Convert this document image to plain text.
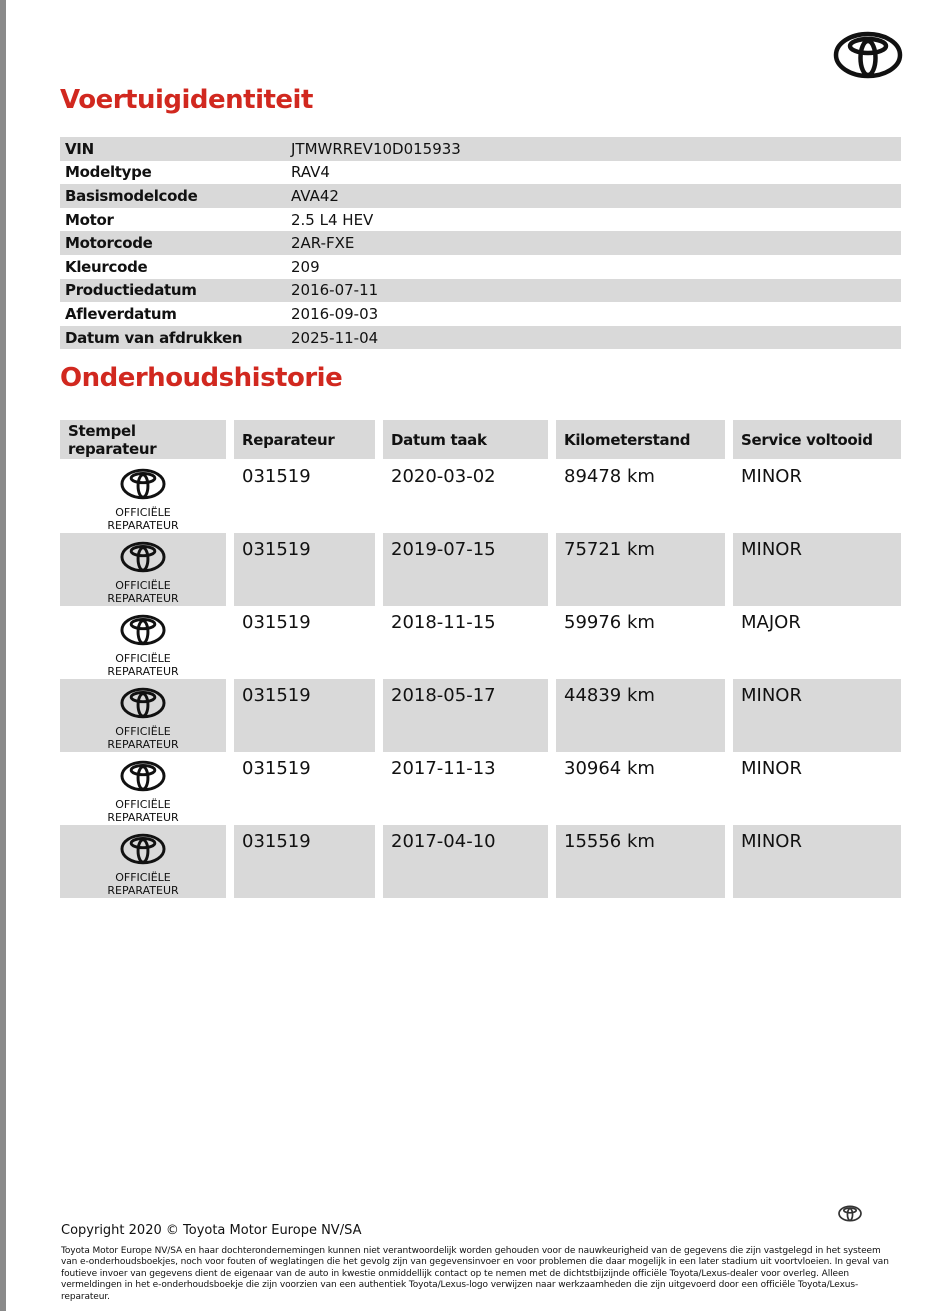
Voertuigidentiteit
VIN	JTMWRREV10D015933
Modeltype	RAV4
Basismodelcode	AVA42
Motor	2.5 L4 HEV
Motorcode	2AR-FXE
Kleurcode	209
Productiedatum	2016-07-11
Afleverdatum	2016-09-03
Datum van afdrukken	2025-11-04
Onderhoudshistorie
Stempel reparateur	Reparateur	Datum taak	Kilometerstand	Service voltooid
OFFICIËLE
REPARATEUR
031519	2020-03-02	89478 km	MINOR
OFFICIËLE
REPARATEUR
031519	2019-07-15	75721 km	MINOR
OFFICIËLE
REPARATEUR
031519	2018-11-15	59976 km	MAJOR
OFFICIËLE
REPARATEUR
031519	2018-05-17	44839 km	MINOR
OFFICIËLE
REPARATEUR
031519	2017-11-13	30964 km	MINOR
OFFICIËLE
REPARATEUR
031519	2017-04-10	15556 km	MINOR
Copyright 2020 © Toyota Motor Europe NV/SA
Toyota Motor Europe NV/SA en haar dochterondernemingen kunnen niet verantwoordelijk worden gehouden voor de nauwkeurigheid van de gegevens die zijn vastgelegd in het systeem van e-onderhoudsboekjes, noch voor fouten of weglatingen die het gevolg zijn van gegevensinvoer en voor problemen die daar mogelijk in een later stadium uit voortvloeien. In geval van foutieve invoer van gegevens dient de eigenaar van de auto in kwestie onmiddellijk contact op te nemen met de dichtstbijzijnde officiële Toyota/Lexus-dealer voor overleg. Alleen vermeldingen in het e-onderhoudsboekje die zijn voorzien van een authentiek Toyota/Lexus-logo verwijzen naar werkzaamheden die zijn uitgevoerd door een officiële Toyota/Lexus-reparateur.
